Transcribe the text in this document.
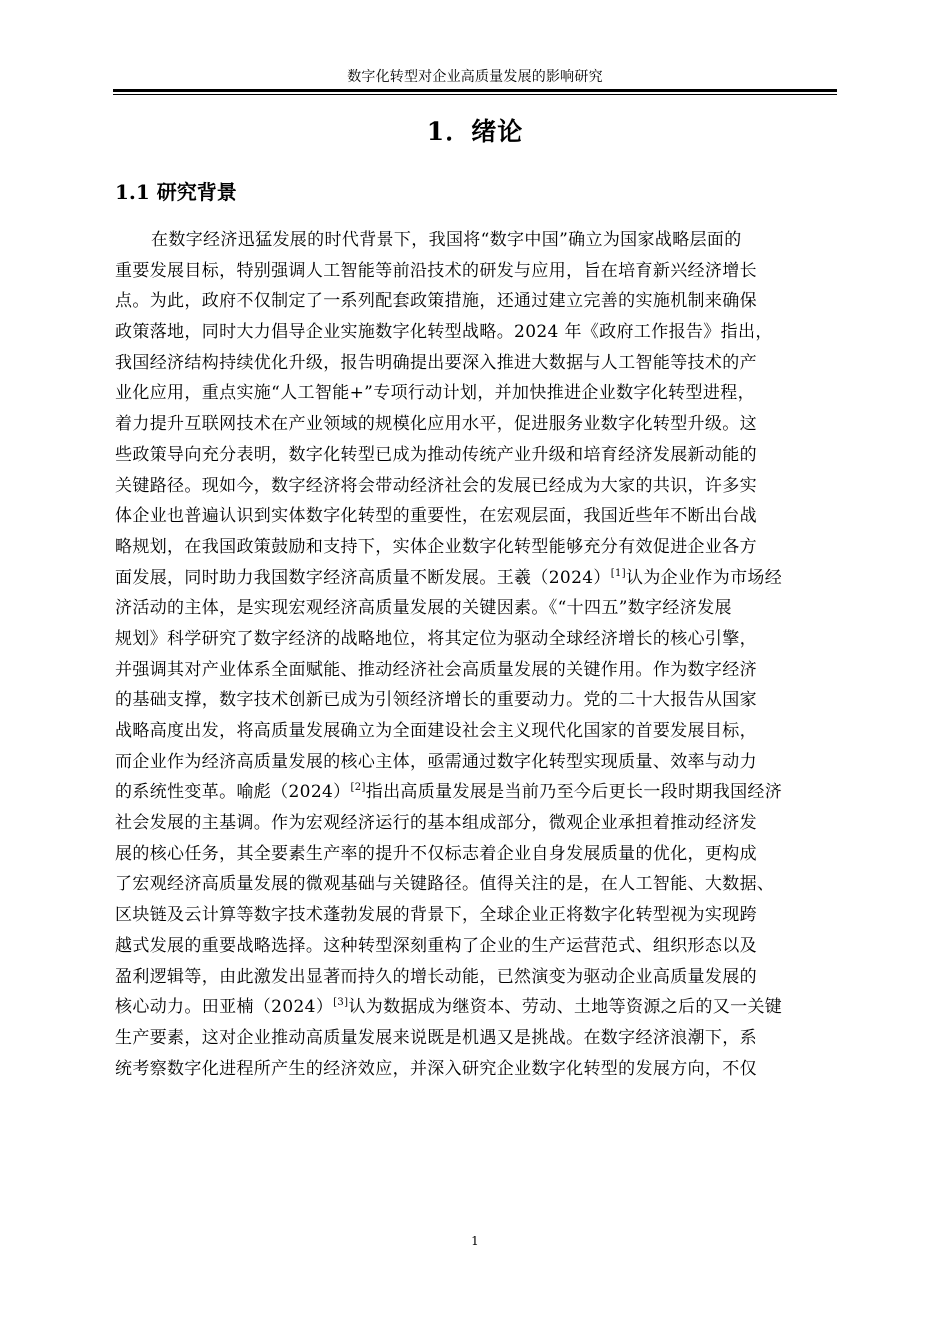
数字化转型对企业高质量发展的影响研究
1．绪论
1.1 研究背景
在数字经济迅猛发展的时代背景下，我国将“数字中国”确立为国家战略层面的
重要发展目标，特别强调人工智能等前沿技术的研发与应用，旨在培育新兴经济增长
点。为此，政府不仅制定了一系列配套政策措施，还通过建立完善的实施机制来确保
政策落地，同时大力倡导企业实施数字化转型战略。2024 年《政府工作报告》指出，
我国经济结构持续优化升级，报告明确提出要深入推进大数据与人工智能等技术的产
业化应用，重点实施“人工智能+”专项行动计划，并加快推进企业数字化转型进程，
着力提升互联网技术在产业领域的规模化应用水平，促进服务业数字化转型升级。这
些政策导向充分表明，数字化转型已成为推动传统产业升级和培育经济发展新动能的
关键路径。现如今，数字经济将会带动经济社会的发展已经成为大家的共识，许多实
体企业也普遍认识到实体数字化转型的重要性，在宏观层面，我国近些年不断出台战
略规划，在我国政策鼓励和支持下，实体企业数字化转型能够充分有效促进企业各方
面发展，同时助力我国数字经济高质量不断发展。王羲（2024）[1]认为企业作为市场经
济活动的主体，是实现宏观经济高质量发展的关键因素。《“十四五”数字经济发展
规划》科学研究了数字经济的战略地位，将其定位为驱动全球经济增长的核心引擎，
并强调其对产业体系全面赋能、推动经济社会高质量发展的关键作用。作为数字经济
的基础支撑，数字技术创新已成为引领经济增长的重要动力。党的二十大报告从国家
战略高度出发，将高质量发展确立为全面建设社会主义现代化国家的首要发展目标，
而企业作为经济高质量发展的核心主体，亟需通过数字化转型实现质量、效率与动力
的系统性变革。喻彪（2024）[2]指出高质量发展是当前乃至今后更长一段时期我国经济
社会发展的主基调。作为宏观经济运行的基本组成部分，微观企业承担着推动经济发
展的核心任务，其全要素生产率的提升不仅标志着企业自身发展质量的优化，更构成
了宏观经济高质量发展的微观基础与关键路径。值得关注的是，在人工智能、大数据、
区块链及云计算等数字技术蓬勃发展的背景下，全球企业正将数字化转型视为实现跨
越式发展的重要战略选择。这种转型深刻重构了企业的生产运营范式、组织形态以及
盈利逻辑等，由此激发出显著而持久的增长动能，已然演变为驱动企业高质量发展的
核心动力。田亚楠（2024）[3]认为数据成为继资本、劳动、土地等资源之后的又一关键
生产要素，这对企业推动高质量发展来说既是机遇又是挑战。在数字经济浪潮下，系
统考察数字化进程所产生的经济效应，并深入研究企业数字化转型的发展方向，不仅
1
